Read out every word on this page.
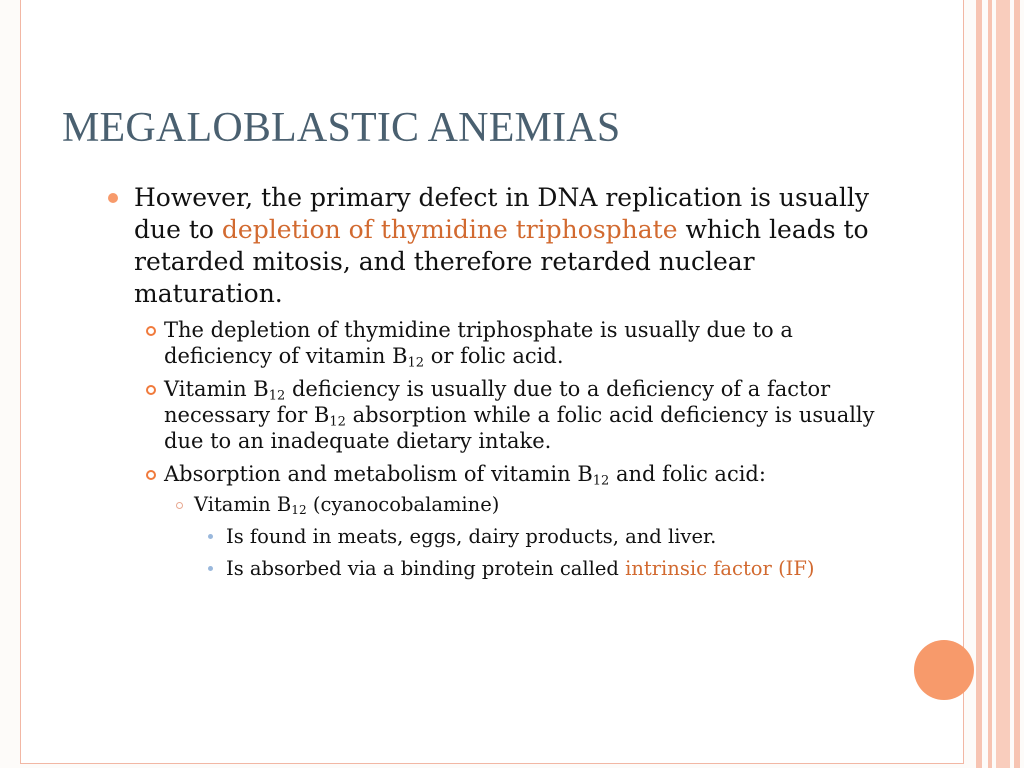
MEGALOBLASTIC ANEMIAS

However, the primary defect in DNA replication is usually due to depletion of thymidine triphosphate which leads to retarded mitosis, and therefore retarded nuclear maturation.

The depletion of thymidine triphosphate is usually due to a deficiency of vitamin $B_{12}$ or folic acid.
Vitamin $B_{12}$ deficiency is usually due to a deficiency of a factor necessary for $B_{12}$ absorption while a folic acid deficiency is usually due to an inadequate dietary intake.
Absorption and metabolism of vitamin $B_{12}$ and folic acid:
Vitamin $B_{12}$ (cyanocobalamine)
Is found in meats, eggs, dairy products, and liver.
Is absorbed via a binding protein called intrinsic factor (IF)
